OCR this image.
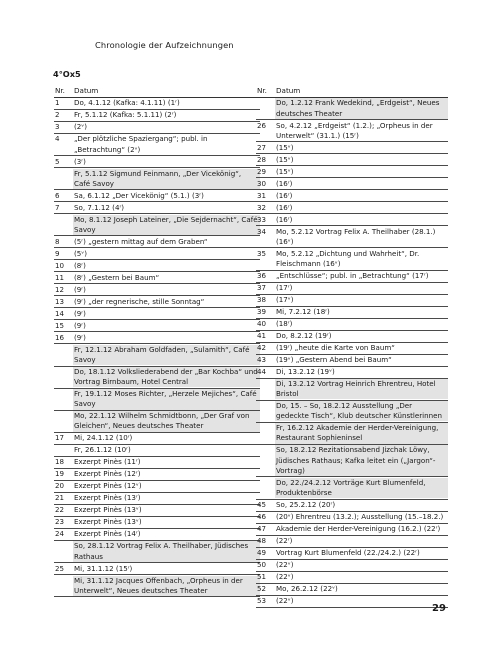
Chronologie der Aufzeichnungen
4°Ox5
Nr.	Datum
1	Do, 4.1.12 (Kafka: 4.1.11) (1ʳ)
2	Fr, 5.1.12 (Kafka: 5.1.11) (2ʳ)
3	(2ᵛ)
4	„Der plötzliche Spaziergang“; publ. in „Betrachtung“ (2ᵛ)
5	(3ʳ)
Fr, 5.1.12 Sigmund Feinmann, „Der Vicekönig“, Café Savoy
6	Sa, 6.1.12 „Der Vicekönig“ (5.1.) (3ʳ)
7	So, 7.1.12 (4ʳ)
Mo, 8.1.12 Joseph Lateiner, „Die Sejdernacht“, Café Savoy
8	(5ʳ) „gestern mittag auf dem Graben“
9	(5ᵛ)
10	(8ʳ)
11	(8ʳ) „Gestern bei Baum“
12	(9ʳ)
13	(9ʳ) „der regnerische, stille Sonntag“
14	(9ʳ)
15	(9ʳ)
16	(9ʳ)
Fr, 12.1.12 Abraham Goldfaden, „Sulamith“, Café Savoy
Do, 18.1.12 Volksliederabend der „Bar Kochba“ und Vortrag Birnbaum, Hotel Central
Fr, 19.1.12 Moses Richter, „Herzele Mejiches“, Café Savoy
Mo, 22.1.12 Wilhelm Schmidtbonn, „Der Graf von Gleichen“, Neues deutsches Theater
17	Mi, 24.1.12 (10ʳ)
Fr, 26.1.12 (10ʳ)
18	Exzerpt Pinès (11ʳ)
19	Exzerpt Pinès (12ʳ)
20	Exzerpt Pinès (12ᵛ)
21	Exzerpt Pinès (13ʳ)
22	Exzerpt Pinès (13ᵛ)
23	Exzerpt Pinès (13ᵛ)
24	Exzerpt Pinès (14ʳ)
So, 28.1.12 Vortrag Felix A. Theilhaber, Jüdisches Rathaus
25	Mi, 31.1.12 (15ʳ)
Mi, 31.1.12 Jacques Offenbach, „Orpheus in der Unterwelt“, Neues deutsches Theater
Nr.	Datum
Do, 1.2.12 Frank Wedekind, „Erdgeist“, Neues deutsches Theater
26	So, 4.2.12 „Erdgeist“ (1.2.); „Orpheus in der Unterwelt“ (31.1.) (15ʳ)
27	(15ᵛ)
28	(15ᵛ)
29	(15ᵛ)
30	(16ʳ)
31	(16ʳ)
32	(16ʳ)
33	(16ʳ)
34	Mo, 5.2.12 Vortrag Felix A. Theilhaber (28.1.) (16ᵛ)
35	Mo, 5.2.12 „Dichtung und Wahrheit“, Dr. Fleischmann (16ᵛ)
36	„Entschlüsse“; publ. in „Betrachtung“ (17ʳ)
37	(17ʳ)
38	(17ᵛ)
39	Mi, 7.2.12 (18ʳ)
40	(18ʳ)
41	Do, 8.2.12 (19ʳ)
42	(19ʳ) „heute die Karte von Baum“
43	(19ᵛ) „Gestern Abend bei Baum“
44	Di, 13.2.12 (19ᵛ)
Di, 13.2.12 Vortrag Heinrich Ehrentreu, Hotel Bristol
Do, 15. – So, 18.2.12 Ausstellung „Der gedeckte Tisch“, Klub deutscher Künstlerinnen
Fr, 16.2.12 Akademie der Herder-Vereinigung, Restaurant Sophieninsel
So, 18.2.12 Rezitationsabend Jizchak Löwy, Jüdisches Rathaus; Kafka leitet ein („Jargon“-Vortrag)
Do, 22./24.2.12 Vorträge Kurt Blumenfeld, Produktenbörse
45	So, 25.2.12 (20ʳ)
46	(20ᵛ) Ehrentreu (13.2.); Ausstellung (15.–18.2.)
47	Akademie der Herder-Vereinigung (16.2.) (22ʳ)
48	(22ʳ)
49	Vortrag Kurt Blumenfeld (22./24.2.) (22ʳ)
50	(22ᵛ)
51	(22ᵛ)
52	Mo, 26.2.12 (22ᵛ)
53	(22ᵛ)
29
